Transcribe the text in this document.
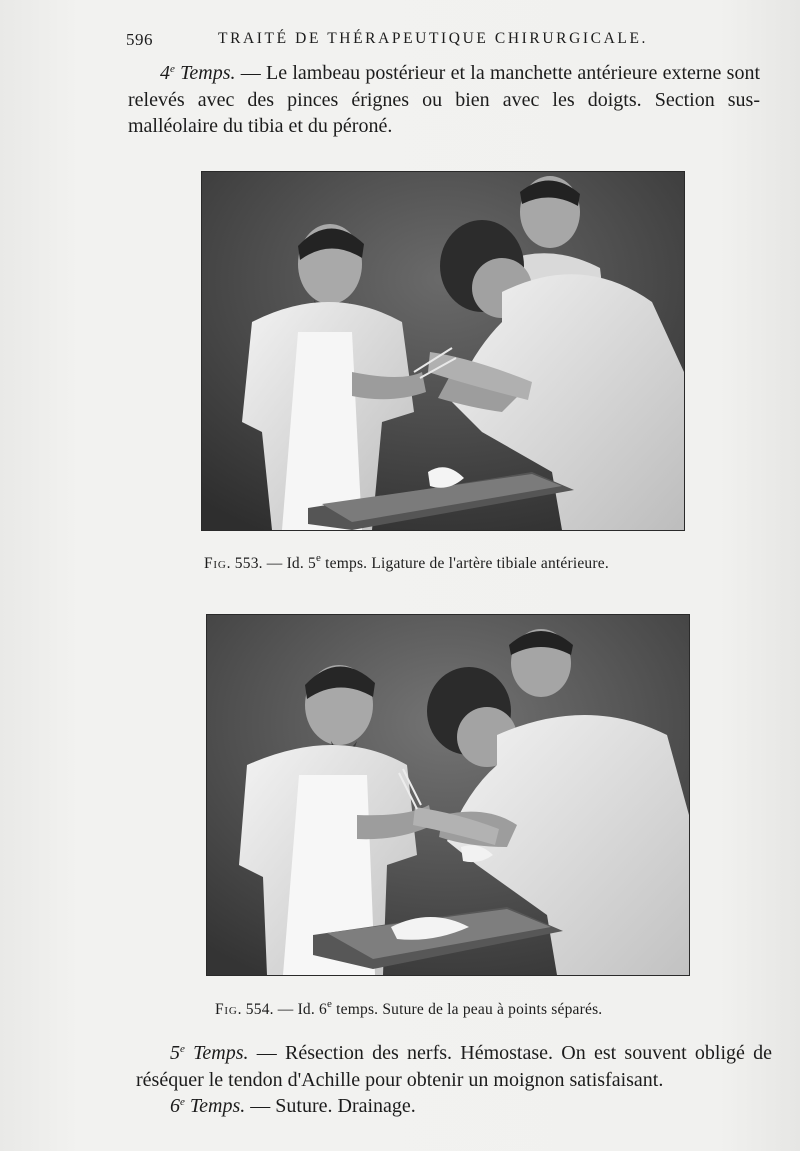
596	TRAITÉ DE THÉRAPEUTIQUE CHIRURGICALE.

4e Temps. — Le lambeau postérieur et la manchette antérieure externe sont relevés avec des pinces érignes ou bien avec les doigts. Section sus-malléolaire du tibia et du péroné.

Fig. 553. — Id. 5e temps. Ligature de l'artère tibiale antérieure.
Fig. 554. — Id. 6e temps. Suture de la peau à points séparés.

5e Temps. — Résection des nerfs. Hémostase. On est souvent obligé de réséquer le tendon d'Achille pour obtenir un moignon satisfaisant.

6e Temps. — Suture. Drainage.
